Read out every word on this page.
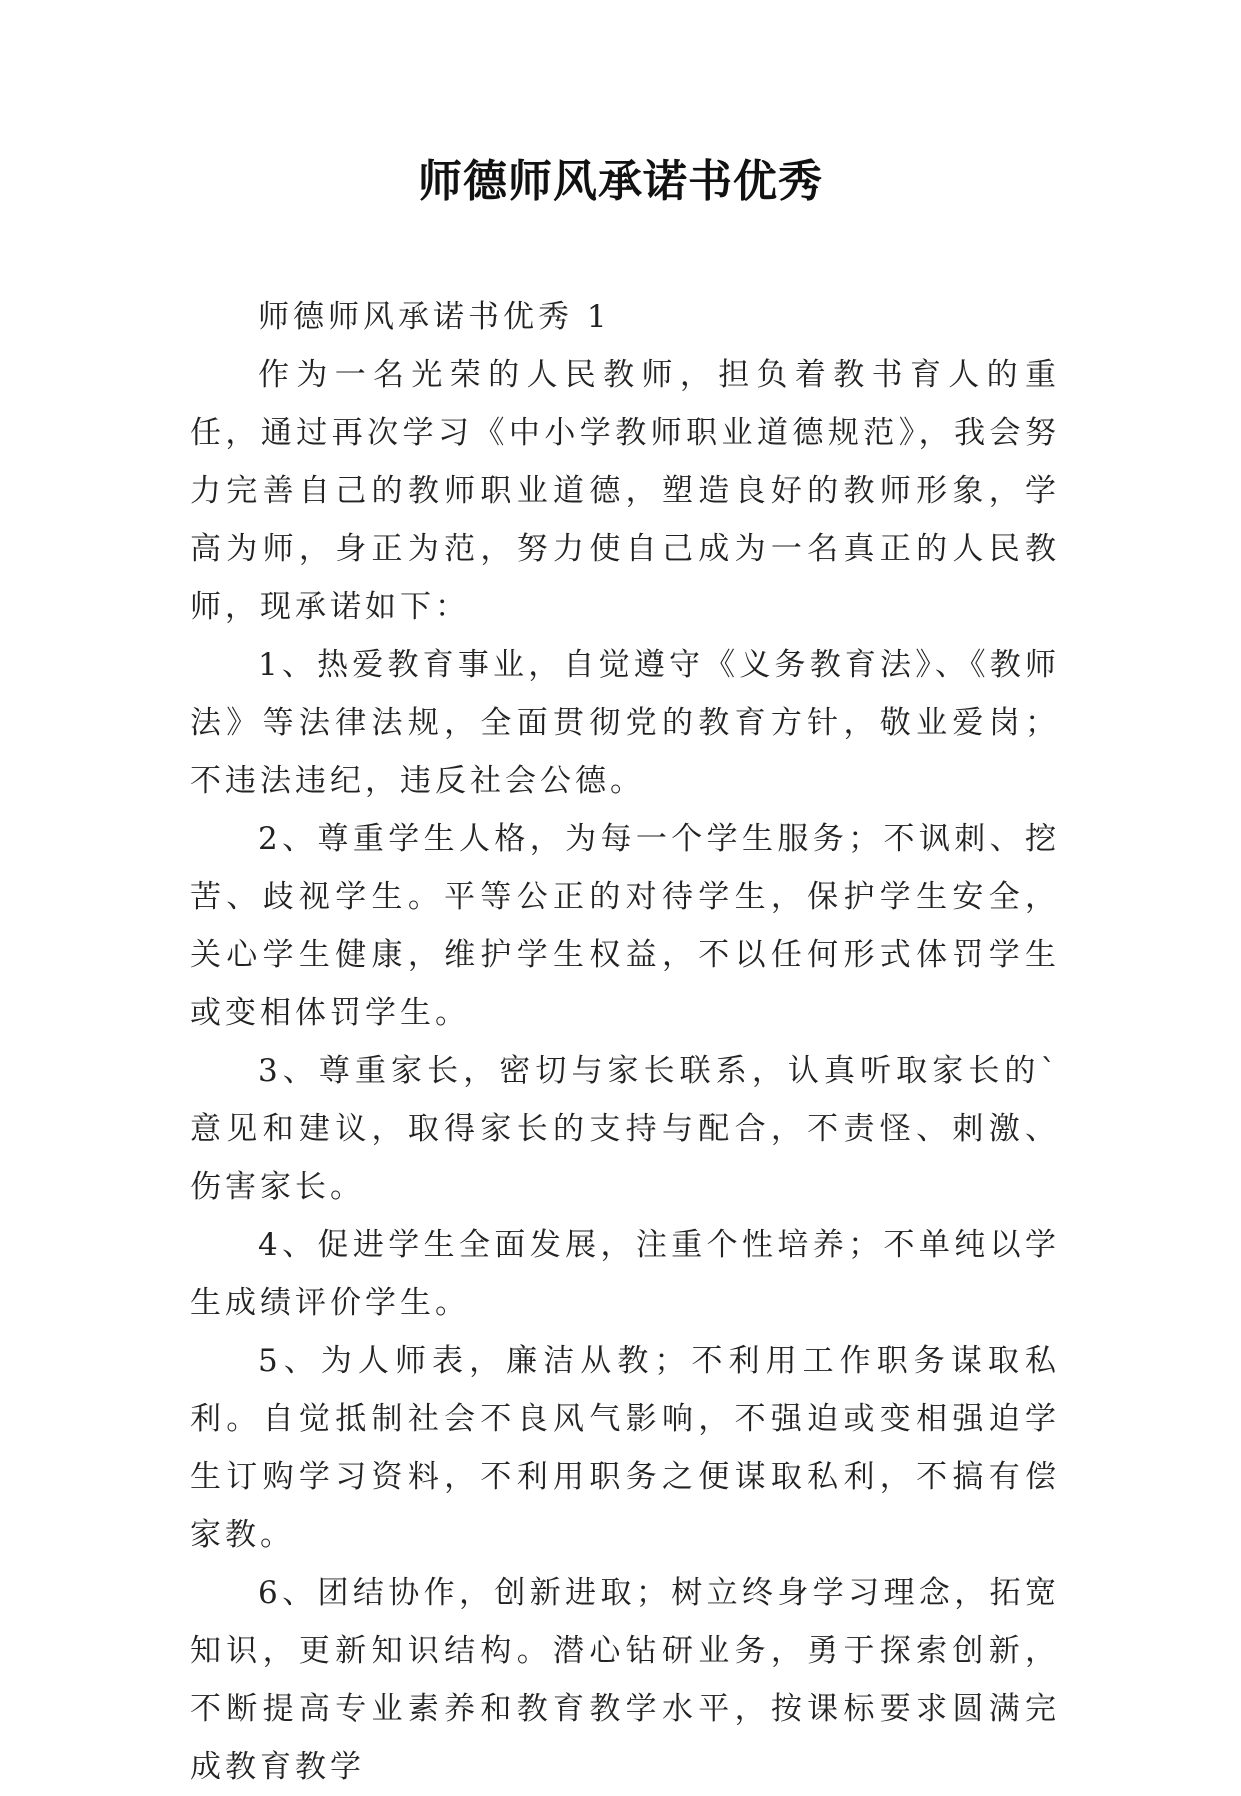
师德师风承诺书优秀

师德师风承诺书优秀 1

作为一名光荣的人民教师，担负着教书育人的重任，通过再次学习《中小学教师职业道德规范》，我会努力完善自己的教师职业道德，塑造良好的教师形象，学高为师，身正为范，努力使自己成为一名真正的人民教师，现承诺如下：

1、热爱教育事业，自觉遵守《义务教育法》、《教师法》等法律法规，全面贯彻党的教育方针，敬业爱岗；不违法违纪，违反社会公德。

2、尊重学生人格，为每一个学生服务；不讽刺、挖苦、歧视学生。平等公正的对待学生，保护学生安全，关心学生健康，维护学生权益，不以任何形式体罚学生或变相体罚学生。

3、尊重家长，密切与家长联系，认真听取家长的`意见和建议，取得家长的支持与配合，不责怪、刺激、伤害家长。

4、促进学生全面发展，注重个性培养；不单纯以学生成绩评价学生。

5、为人师表，廉洁从教；不利用工作职务谋取私利。自觉抵制社会不良风气影响，不强迫或变相强迫学生订购学习资料，不利用职务之便谋取私利，不搞有偿家教。

6、团结协作，创新进取；树立终身学习理念，拓宽知识，更新知识结构。潜心钻研业务，勇于探索创新，不断提高专业素养和教育教学水平，按课标要求圆满完成教育教学
